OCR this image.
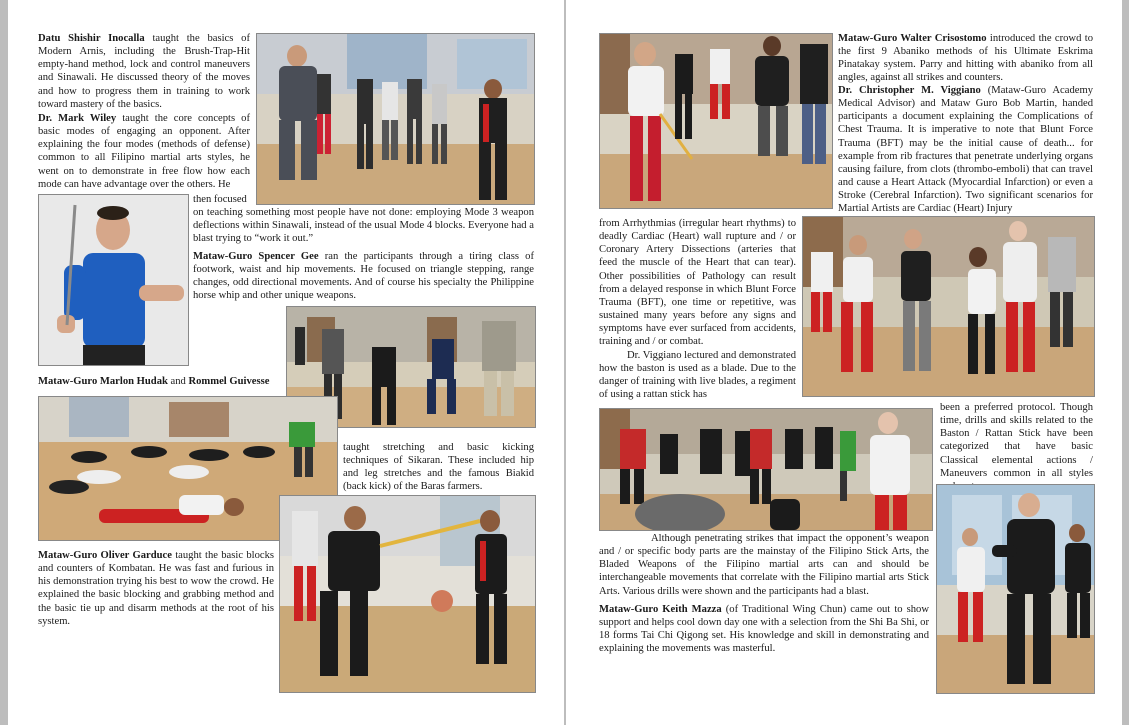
Datu Shishir Inocalla taught the basics of Modern Arnis, including the Brush-Trap-Hit empty-hand method, lock and control maneuvers and Sinawali. He discussed theory of the moves and how to progress them in training to work toward mastery of the basics.
Dr. Mark Wiley taught the core concepts of basic modes of engaging an opponent. After explaining the four modes (methods of defense) common to all Filipino martial arts styles, he went on to demonstrate in free flow how each mode can have advantage over the others. He
then focused
on teaching something most people have not done: employing Mode 3 weapon deflections within Sinawali, instead of the usual Mode 4 blocks. Everyone had a blast trying to “work it out.”
Mataw-Guro Spencer Gee ran the participants through a tiring class of footwork, waist and hip movements. He focused on triangle stepping, range changes, odd directional movements. And of course his specialty the Philippine horse whip and other unique weapons.
Mataw-Guro Marlon Hudak and Rommel Guivesse
taught stretching and basic kicking techniques of Sikaran. These included hip and leg stretches and the famous Biakid (back kick) of the Baras farmers.
Mataw-Guro Oliver Garduce taught the basic blocks and counters of Kombatan. He was fast and furious in his demonstration trying his best to wow the crowd. He explained the basic blocking and grabbing method and the basic tie up and disarm methods at the root of his system.
Mataw-Guro Walter Crisostomo introduced the crowd to the first 9 Abaniko methods of his Ultimate Eskrima Pinatakay system. Parry and hitting with abaniko from all angles, against all strikes and counters.
Dr. Christopher M. Viggiano (Mataw-Guro Academy Medical Advisor) and Mataw Guro Bob Martin, handed participants a document explaining the Complications of Chest Trauma. It is imperative to note that Blunt Force Trauma (BFT) may be the initial cause of death... for example from rib fractures that penetrate underlying organs causing failure, from clots (thrombo-emboli) that can travel and cause a Heart Attack (Myocardial Infarction) or even a Stroke (Cerebral Infarction). Two significant scenarios for Martial Artists are Cardiac (Heart) Injury
from Arrhythmias (irregular heart rhythms) to deadly Cardiac (Heart) wall rupture and / or Coronary Artery Dissections (arteries that feed the muscle of the Heart that can tear). Other possibilities of Pathology can result from a delayed response in which Blunt Force Trauma (BFT), one time or repetitive, was sustained many years before any signs and symptoms have ever surfaced from accidents, training and / or combat.
Dr. Viggiano lectured and demonstrated how the baston is used as a blade. Due to the danger of training with live blades, a regiment of using a rattan stick has
been a preferred protocol. Though time, drills and skills related to the Baston / Rattan Stick have been categorized that have basic Classical elemental actions / Maneuvers common in all styles
Although penetrating strikes that impact the opponent’s weapon and / or specific body parts are the mainstay of the Filipino Stick Arts, the Bladed Weapons of the Filipino martial arts can and should be interchangeable movements that correlate with the Filipino martial arts Stick Arts. Various drills were shown and the participants had a blast.
Mataw-Guro Keith Mazza (of Traditional Wing Chun) came out to show support and helps cool down day one with a selection from the Shi Ba Shi, or 18 forms Tai Chi Qigong set. His knowledge and skill in demonstrating and explaining the movements was masterful.
